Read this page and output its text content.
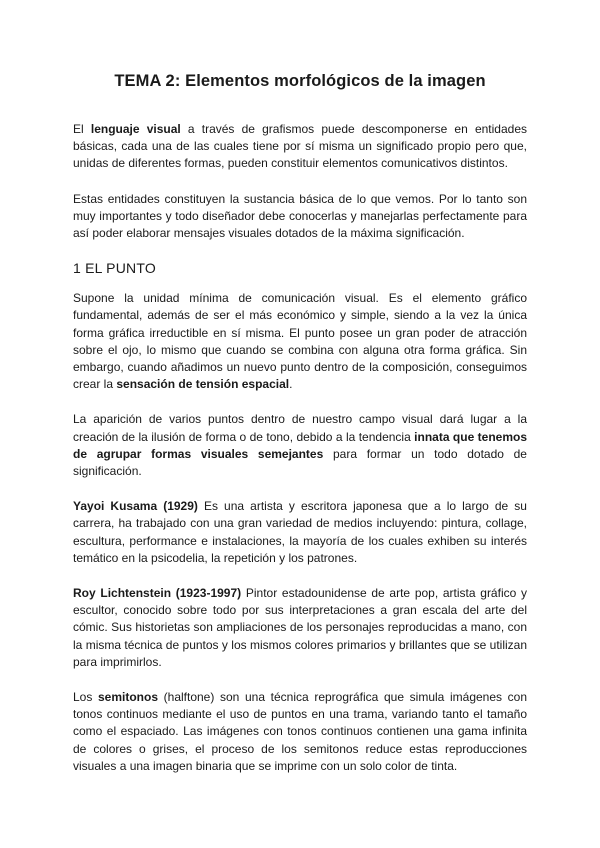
TEMA 2: Elementos morfológicos de la imagen

El lenguaje visual a través de grafismos puede descomponerse en entidades básicas, cada una de las cuales tiene por sí misma un significado propio pero que, unidas de diferentes formas, pueden constituir elementos comunicativos distintos.

Estas entidades constituyen la sustancia básica de lo que vemos. Por lo tanto son muy importantes y todo diseñador debe conocerlas y manejarlas perfectamente para así poder elaborar mensajes visuales dotados de la máxima significación.

1 EL PUNTO

Supone la unidad mínima de comunicación visual. Es el elemento gráfico fundamental, además de ser el más económico y simple, siendo a la vez la única forma gráfica irreductible en sí misma. El punto posee un gran poder de atracción sobre el ojo, lo mismo que cuando se combina con alguna otra forma gráfica. Sin embargo, cuando añadimos un nuevo punto dentro de la composición, conseguimos crear la sensación de tensión espacial.

La aparición de varios puntos dentro de nuestro campo visual dará lugar a la creación de la ilusión de forma o de tono, debido a la tendencia innata que tenemos de agrupar formas visuales semejantes para formar un todo dotado de significación.

Yayoi Kusama (1929) Es una artista y escritora japonesa que a lo largo de su carrera, ha trabajado con una gran variedad de medios incluyendo: pintura, collage, escultura, performance e instalaciones, la mayoría de los cuales exhiben su interés temático en la psicodelia, la repetición y los patrones.

Roy Lichtenstein (1923-1997) Pintor estadounidense de arte pop, artista gráfico y escultor, conocido sobre todo por sus interpretaciones a gran escala del arte del cómic. Sus historietas son ampliaciones de los personajes reproducidas a mano, con la misma técnica de puntos y los mismos colores primarios y brillantes que se utilizan para imprimirlos.

Los semitonos (halftone) son una técnica reprográfica que simula imágenes con tonos continuos mediante el uso de puntos en una trama, variando tanto el tamaño como el espaciado. Las imágenes con tonos continuos contienen una gama infinita de colores o grises, el proceso de los semitonos reduce estas reproducciones visuales a una imagen binaria que se imprime con un solo color de tinta.
